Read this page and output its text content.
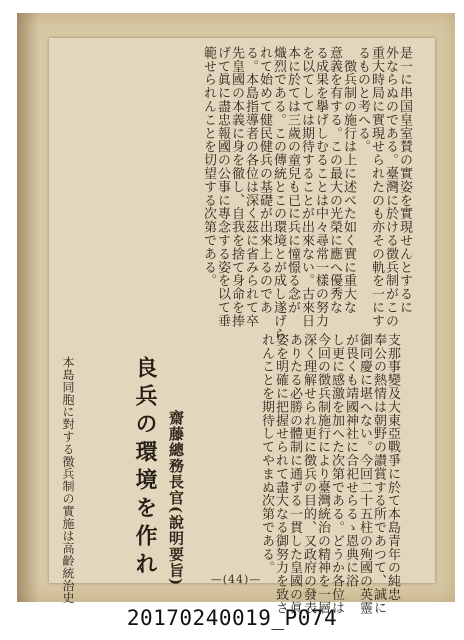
是一に串国皇室賛の實姿を實現せんとするに
外ならぬのである。臺灣に於ける徴兵制がこの
重大時局に實現せられたのも亦その軌を一にす
るものと考へる。
　徴兵制の施行は上に述べた如く實に重大な
意義を有する。この最大の光榮に應へ優秀な
る成果を擧げしむることは中々尋常一樣の努力
を以てしては期待することが出來ない。古來日
本に於ては三歲の童兒も已に兵に憧憬る念が
熾烈である。この傳統とこの環境とが成し遂げら
れて始めて健民健兵の基礎が出來上るのであ
る。本島指導者の各位は深く茲に省みられて卒
先皇國の本義に身を徹し、自我を捨て身命を捧
げて眞に盡忠報國の公事に專念する姿を以て垂
範せられんことを切望する次第である。
支那事變及大東亞戰爭に於て本島青年の純忠
奉公の熱情は朝野の讃賞する所であつて、誠に
御同慶に堪へない。今回二十五柱の殉國の英靈
が畏くも靖國神社に合祀せらるゝ恩典に浴
し更に感激を加へた次第である。どうか各位は
今回の徴兵制施行により臺灣統治の精神を一層
深く理解せられ更に徴兵の目的、又政府の發表
ありたる必勝の體制に通ずる一貫した皇國の眞
姿を明確に把握せられて盡大なる御努力を致さ
れんことを期待してやまぬ次第である。
良兵の環境を作れ 齋藤總務長官(說明要旨)
本島同胞に對する徴兵制の實施は高齡統治史	—(44)—
20170240019_P074
